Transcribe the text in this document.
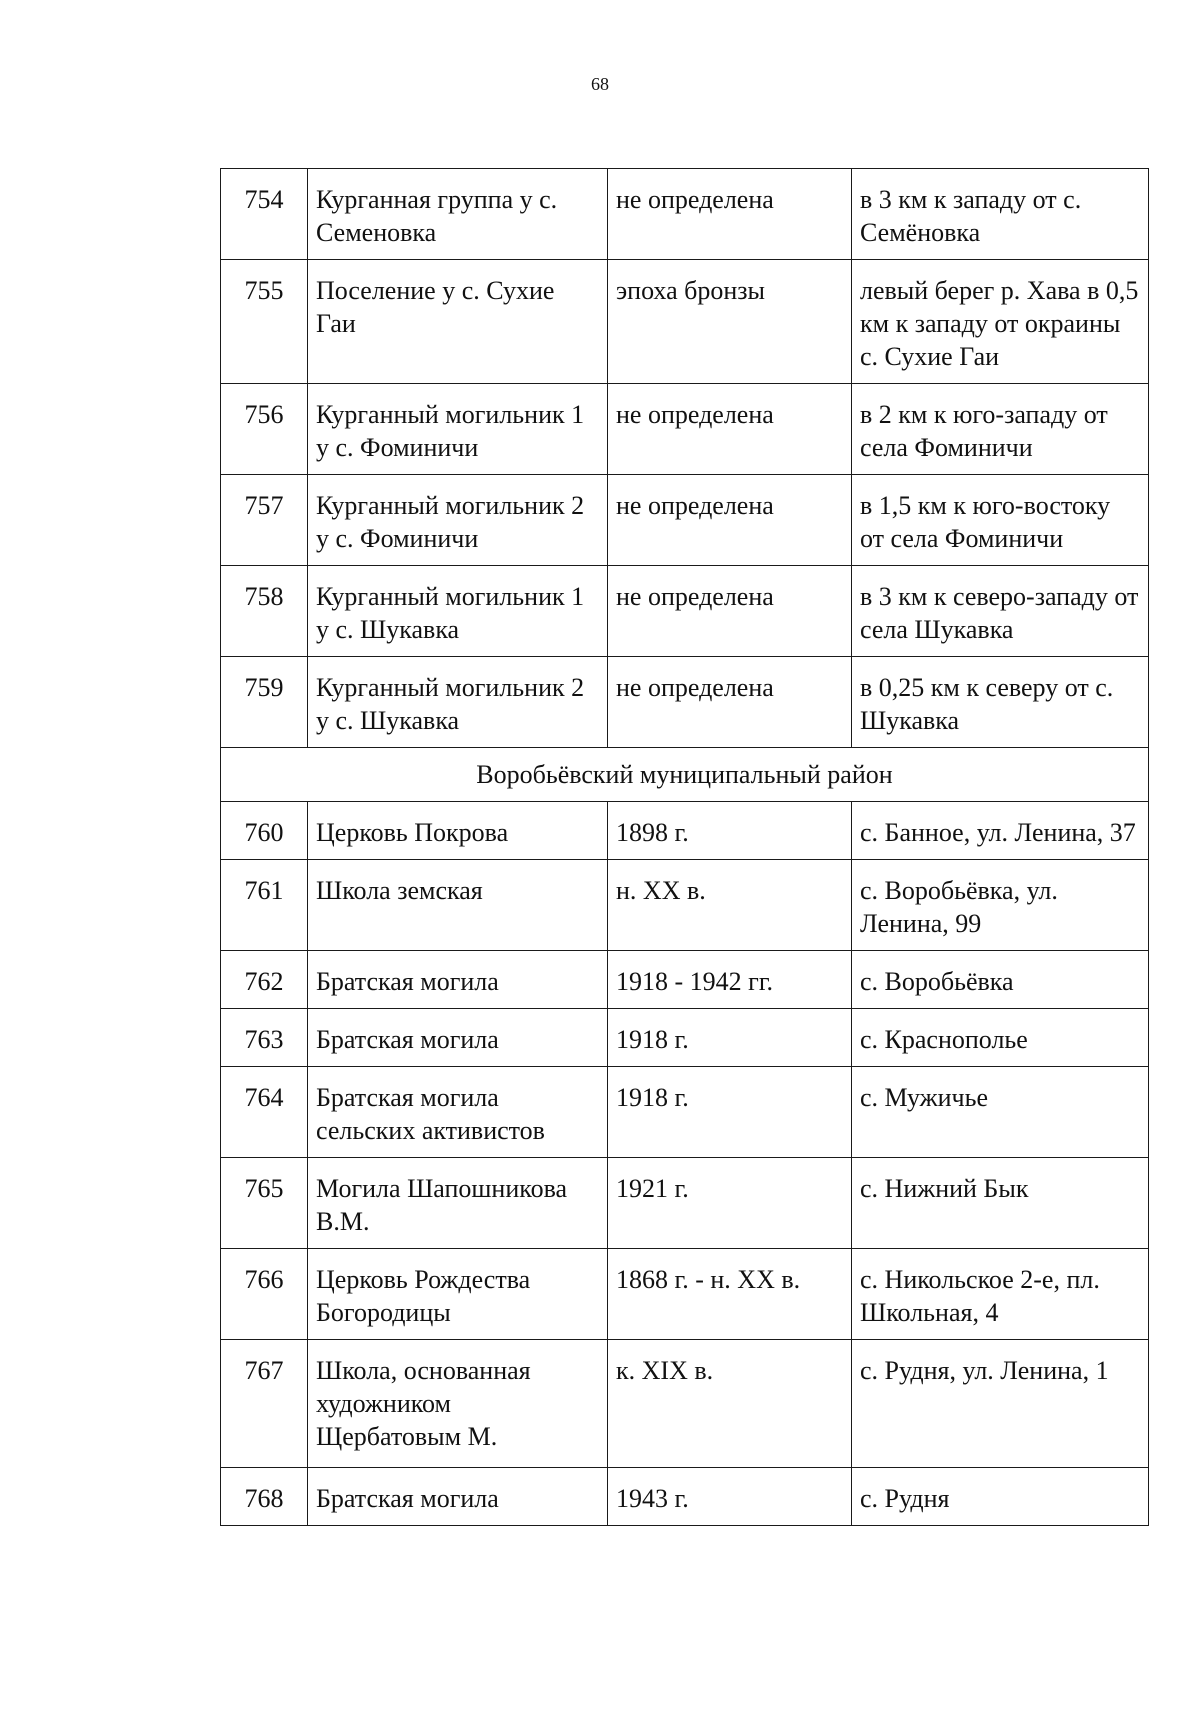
68
754	Курганная группа у с. Семеновка	не определена	в 3 км к западу от с. Семёновка
755	Поселение у с. Сухие Гаи	эпоха бронзы	левый берег р. Хава в 0,5 км к западу от окраины с. Сухие Гаи
756	Курганный могильник 1 у с. Фоминичи	не определена	в 2 км к юго-западу от села Фоминичи
757	Курганный могильник 2 у с. Фоминичи	не определена	в 1,5 км к юго-востоку от села Фоминичи
758	Курганный могильник 1 у с. Шукавка	не определена	в 3 км к северо-западу от села Шукавка
759	Курганный могильник 2 у с. Шукавка	не определена	в 0,25 км к северу от с. Шукавка
Воробьёвский муниципальный район			
760	Церковь Покрова	1898 г.	с. Банное, ул. Ленина, 37
761	Школа земская	н. XX в.	с. Воробьёвка, ул. Ленина, 99
762	Братская могила	1918 - 1942 гг.	с. Воробьёвка
763	Братская могила	1918 г.	с. Краснополье
764	Братская могила сельских активистов	1918 г.	с. Мужичье
765	Могила Шапошникова В.М.	1921 г.	с. Нижний Бык
766	Церковь Рождества Богородицы	1868 г. - н. XX в.	с. Никольское 2-е, пл. Школьная, 4
767	Школа, основанная художником Щербатовым М.	к. XIX в.	с. Рудня, ул. Ленина, 1
768	Братская могила	1943 г.	с. Рудня
